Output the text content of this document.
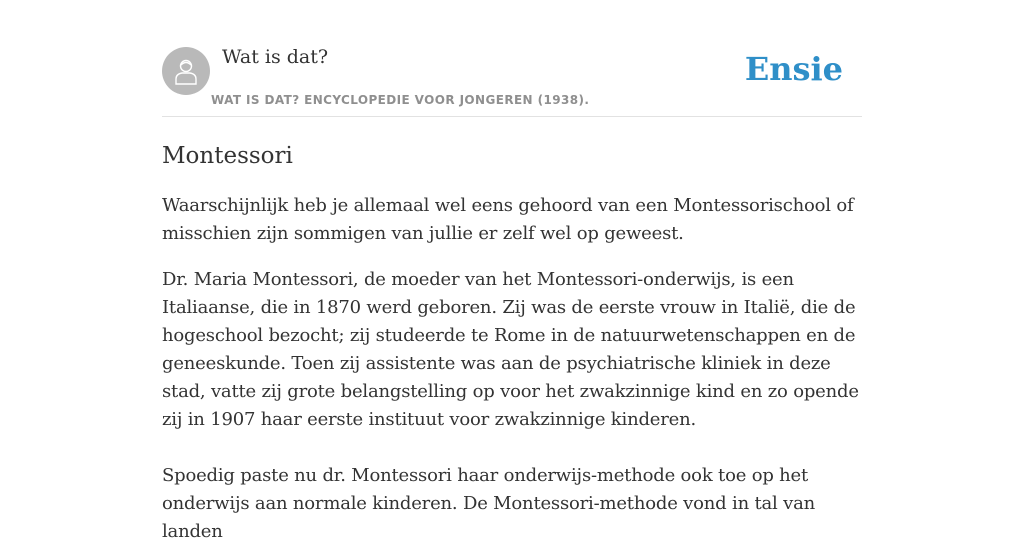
Wat is dat?
WAT IS DAT? ENCYCLOPEDIE VOOR JONGEREN (1938).
Ensie
Montessori

Waarschijnlijk heb je allemaal wel eens gehoord van een Montessorischool of misschien zijn sommigen van jullie er zelf wel op geweest.

Dr. Maria Montessori, de moeder van het Montessori-onderwijs, is een Italiaanse, die in 1870 werd geboren. Zij was de eerste vrouw in Italië, die de hogeschool bezocht; zij studeerde te Rome in de natuurwetenschappen en de geneeskunde. Toen zij assistente was aan de psychiatrische kliniek in deze stad, vatte zij grote belangstelling op voor het zwakzinnige kind en zo opende zij in 1907 haar eerste instituut voor zwakzinnige kinderen.

Spoedig paste nu dr. Montessori haar onderwijs-methode ook toe op het onderwijs aan normale kinderen. De Montessori-methode vond in tal van landen
